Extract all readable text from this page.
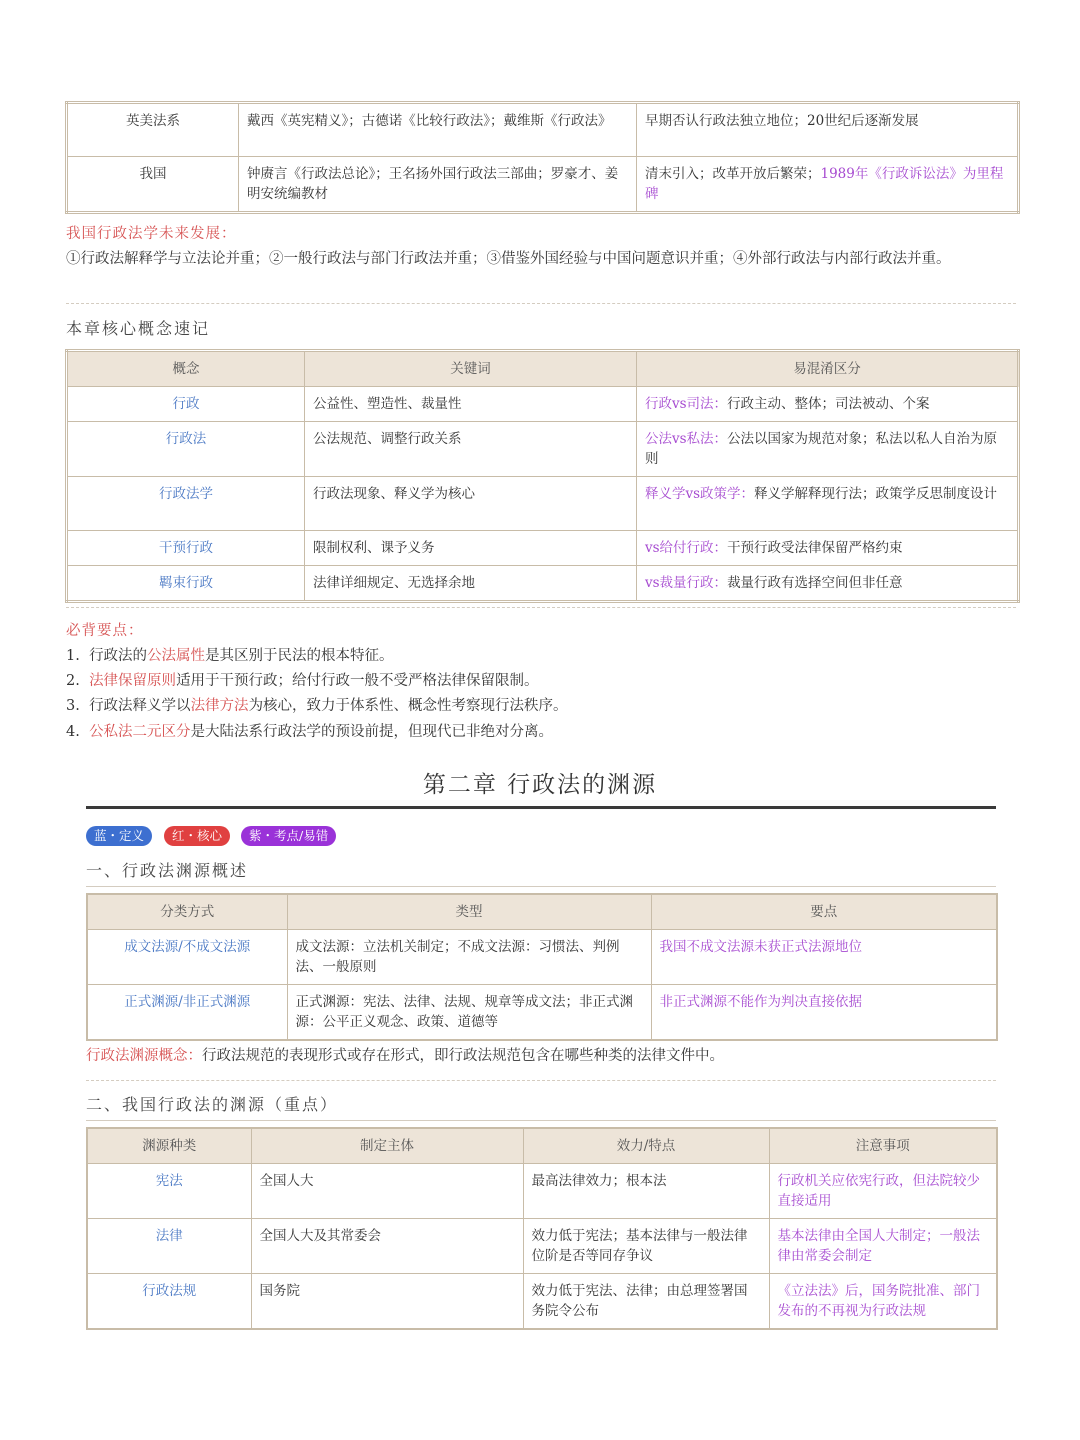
英美法系	戴西《英宪精义》；古德诺《比较行政法》；戴维斯《行政法》	早期否认行政法独立地位；20世纪后逐渐发展
我国	钟赓言《行政法总论》；王名扬外国行政法三部曲；罗豪才、姜明安统编教材	清末引入；改革开放后繁荣；1989年《行政诉讼法》为里程碑
我国行政法学未来发展：
①行政法解释学与立法论并重；②一般行政法与部门行政法并重；③借鉴外国经验与中国问题意识并重；④外部行政法与内部行政法并重。
本章核心概念速记
概念	关键词	易混淆区分
行政	公益性、塑造性、裁量性	行政vs司法：行政主动、整体；司法被动、个案
行政法	公法规范、调整行政关系	公法vs私法：公法以国家为规范对象；私法以私人自治为原则
行政法学	行政法现象、释义学为核心	释义学vs政策学：释义学解释现行法；政策学反思制度设计
干预行政	限制权利、课予义务	vs给付行政：干预行政受法律保留严格约束
羁束行政	法律详细规定、无选择余地	vs裁量行政：裁量行政有选择空间但非任意
必背要点：
1. 行政法的公法属性是其区别于民法的根本特征。
2. 法律保留原则适用于干预行政；给付行政一般不受严格法律保留限制。
3. 行政法释义学以法律方法为核心，致力于体系性、概念性考察现行法秩序。
4. 公私法二元区分是大陆法系行政法学的预设前提，但现代已非绝对分离。
第二章 行政法的渊源
蓝・定义	红・核心	紫・考点/易错
一、行政法渊源概述
分类方式	类型	要点
成文法源/不成文法源	成文法源：立法机关制定；不成文法源：习惯法、判例法、一般原则	我国不成文法源未获正式法源地位
正式渊源/非正式渊源	正式渊源：宪法、法律、法规、规章等成文法；非正式渊源：公平正义观念、政策、道德等	非正式渊源不能作为判决直接依据
行政法渊源概念：行政法规范的表现形式或存在形式，即行政法规范包含在哪些种类的法律文件中。
二、我国行政法的渊源（重点）
渊源种类	制定主体	效力/特点	注意事项
宪法	全国人大	最高法律效力；根本法	行政机关应依宪行政，但法院较少直接适用
法律	全国人大及其常委会	效力低于宪法；基本法律与一般法律位阶是否等同存争议	基本法律由全国人大制定；一般法律由常委会制定
行政法规	国务院	效力低于宪法、法律；由总理签署国务院令公布	《立法法》后，国务院批准、部门发布的不再视为行政法规
